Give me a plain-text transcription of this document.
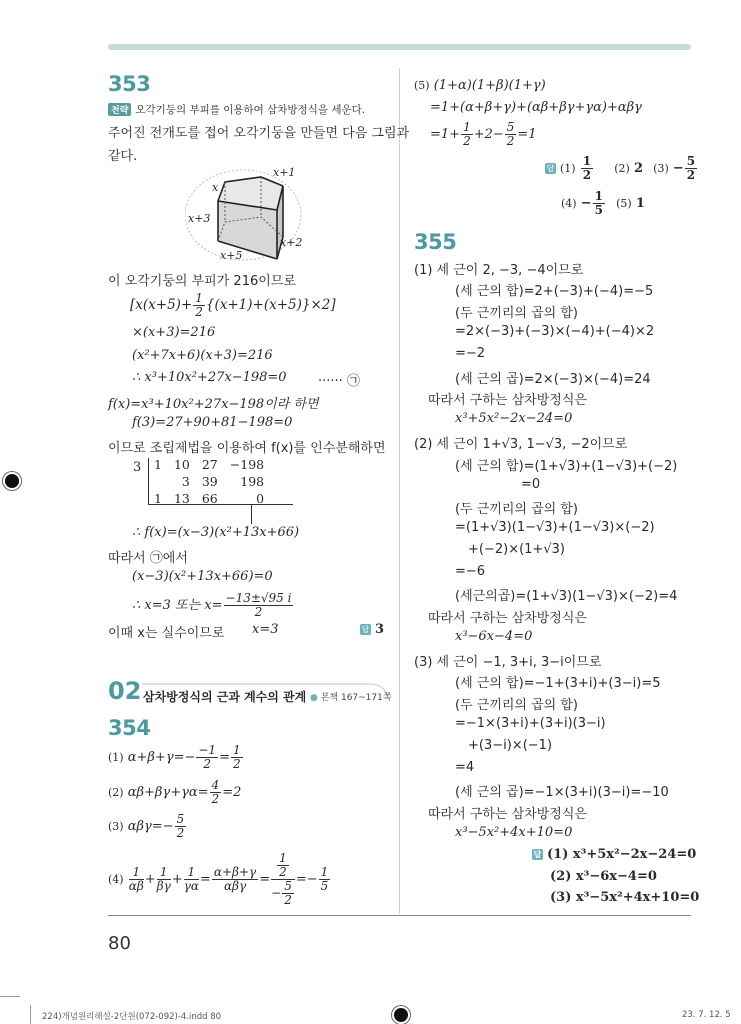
353
전략 오각기둥의 부피를 이용하여 삼차방정식을 세운다.
주어진 전개도를 접어 오각기둥을 만들면 다음 그림과
같다.
x+1
x
x+3
x+2
x+5
이 오각기둥의 부피가 216이므로
$[x(x+5)+ \frac{1}{2} \{(x+1)+(x+5)\}\times 2]$
×(x+3)=216
(x²+7x+6)(x+3)=216
∴ x³+10x²+27x−198=0 ······ ㉠
f(x)=x³+10x²+27x−198이라 하면
f(3)=27+90+81−198=0
이므로 조립제법을 이용하여 f(x)를 인수분해하면
3 1	10	27	−198
	3	39	198
1	13	66	0
∴ f(x)=(x−3)(x²+13x+66)
따라서 ㉠에서
(x−3)(x²+13x+66)=0
∴ x=3 또는 $x= \frac{-13\pm√95 i}{2}$
이때 x는 실수이므로 x=3	답 3
02 삼차방정식의 근과 계수의 관계 ● 본책 167~171쪽
354
(1) $\alpha+\beta+\gamma=- \frac{-1}{2} = \frac{1}{2}$
(2) $\alpha\beta+\beta\gamma+\gamma\alpha= \frac{4}{2} =2$
(3) $\alpha\beta\gamma=- \frac{5}{2}$
$(4) \frac{1}{\alpha\beta} + \frac{1}{\beta\gamma} + \frac{1}{\gamma\alpha} = \frac{\alpha+\beta+\gamma}{\text{αβγ}} = \frac{\frac{1}{2}}{- \frac{5}{2}} =- \frac{1}{5}$
(5) (1+α)(1+β)(1+γ)
=1+(α+β+γ)+(αβ+βγ+γα)+αβγ
$=1+ \frac{1}{2} +2- \frac{5}{2} =1$
답 $(1) \frac{1}{2} (2)$ 2 $(3) - \frac{5}{2}$
$(4) - \frac{1}{5} (5)$ 1
355
(1) 세 근이 2, −3, −4이므로
(세 근의 합)=2+(−3)+(−4)=−5
(두 근끼리의 곱의 합)
=2×(−3)+(−3)×(−4)+(−4)×2
=−2
(세 근의 곱)=2×(−3)×(−4)=24
따라서 구하는 삼차방정식은
x³+5x²−2x−24=0
(2) 세 근이 1+√3, 1−√3, −2이므로
(세 근의 합)=(1+√3)+(1−√3)+(−2)
=0
(두 근끼리의 곱의 합)
=(1+√3)(1−√3)+(1−√3)×(−2)
+(−2)×(1+√3)
=−6
(세근의곱)=(1+√3)(1−√3)×(−2)=4
따라서 구하는 삼차방정식은
x³−6x−4=0
(3) 세 근이 −1, 3+i, 3−i이므로
(세 근의 합)=−1+(3+i)+(3−i)=5
(두 근끼리의 곱의 합)
=−1×(3+i)+(3+i)(3−i)
+(3−i)×(−1)
=4
(세 근의 곱)=−1×(3+i)(3−i)=−10
따라서 구하는 삼차방정식은
x³−5x²+4x+10=0
답 (1) x³+5x²−2x−24=0
(2) x³−6x−4=0
(3) x³−5x²+4x+10=0
80
224)개념원리해설-2단원(072-092)-4.indd 80	23. 7. 12. 5
